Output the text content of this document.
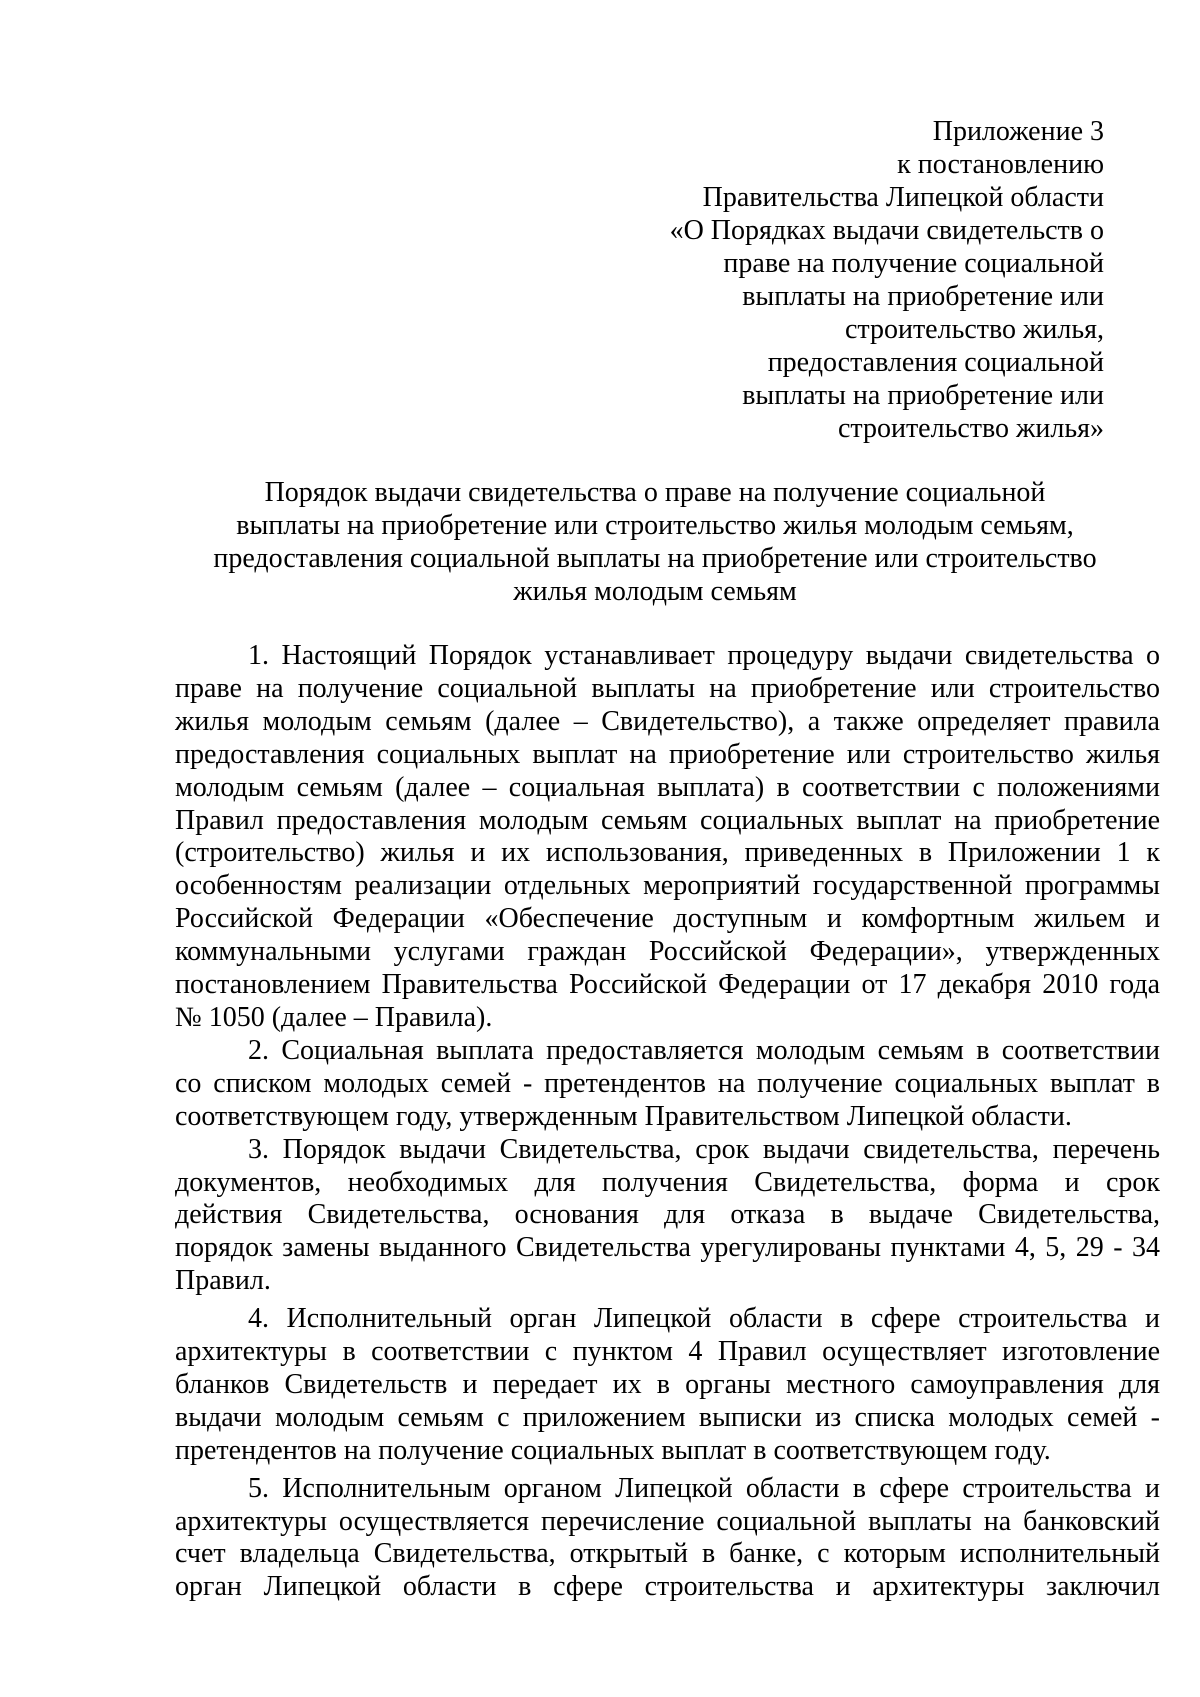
Приложение 3
к постановлению
Правительства Липецкой области
«О Порядках выдачи свидетельств о
праве на получение социальной
выплаты на приобретение или
строительство жилья,
предоставления социальной
выплаты на приобретение или
строительство жилья»
Порядок выдачи свидетельства о праве на получение социальной
выплаты на приобретение или строительство жилья молодым семьям,
предоставления социальной выплаты на приобретение или строительство
жилья молодым семьям
1. Настоящий Порядок устанавливает процедуру выдачи свидетельства о
праве на получение социальной выплаты на приобретение или строительство
жилья молодым семьям (далее – Свидетельство), а также определяет правила
предоставления социальных выплат на приобретение или строительство жилья
молодым семьям (далее – социальная выплата) в соответствии с положениями
Правил предоставления молодым семьям социальных выплат на приобретение
(строительство) жилья и их использования, приведенных в Приложении 1 к
особенностям реализации отдельных мероприятий государственной программы
Российской Федерации «Обеспечение доступным и комфортным жильем и
коммунальными услугами граждан Российской Федерации», утвержденных
постановлением Правительства Российской Федерации от 17 декабря 2010 года
№ 1050 (далее – Правила).
2. Социальная выплата предоставляется молодым семьям в соответствии
со списком молодых семей - претендентов на получение социальных выплат в
соответствующем году, утвержденным Правительством Липецкой области.
3. Порядок выдачи Свидетельства, срок выдачи свидетельства, перечень
документов, необходимых для получения Свидетельства, форма и срок
действия Свидетельства, основания для отказа в выдаче Свидетельства,
порядок замены выданного Свидетельства урегулированы пунктами 4, 5, 29 - 34
Правил.
4. Исполнительный орган Липецкой области в сфере строительства и
архитектуры в соответствии с пунктом 4 Правил осуществляет изготовление
бланков Свидетельств и передает их в органы местного самоуправления для
выдачи молодым семьям с приложением выписки из списка молодых семей -
претендентов на получение социальных выплат в соответствующем году.
5. Исполнительным органом Липецкой области в сфере строительства и
архитектуры осуществляется перечисление социальной выплаты на банковский
счет владельца Свидетельства, открытый в банке, с которым исполнительный
орган Липецкой области в сфере строительства и архитектуры заключил
